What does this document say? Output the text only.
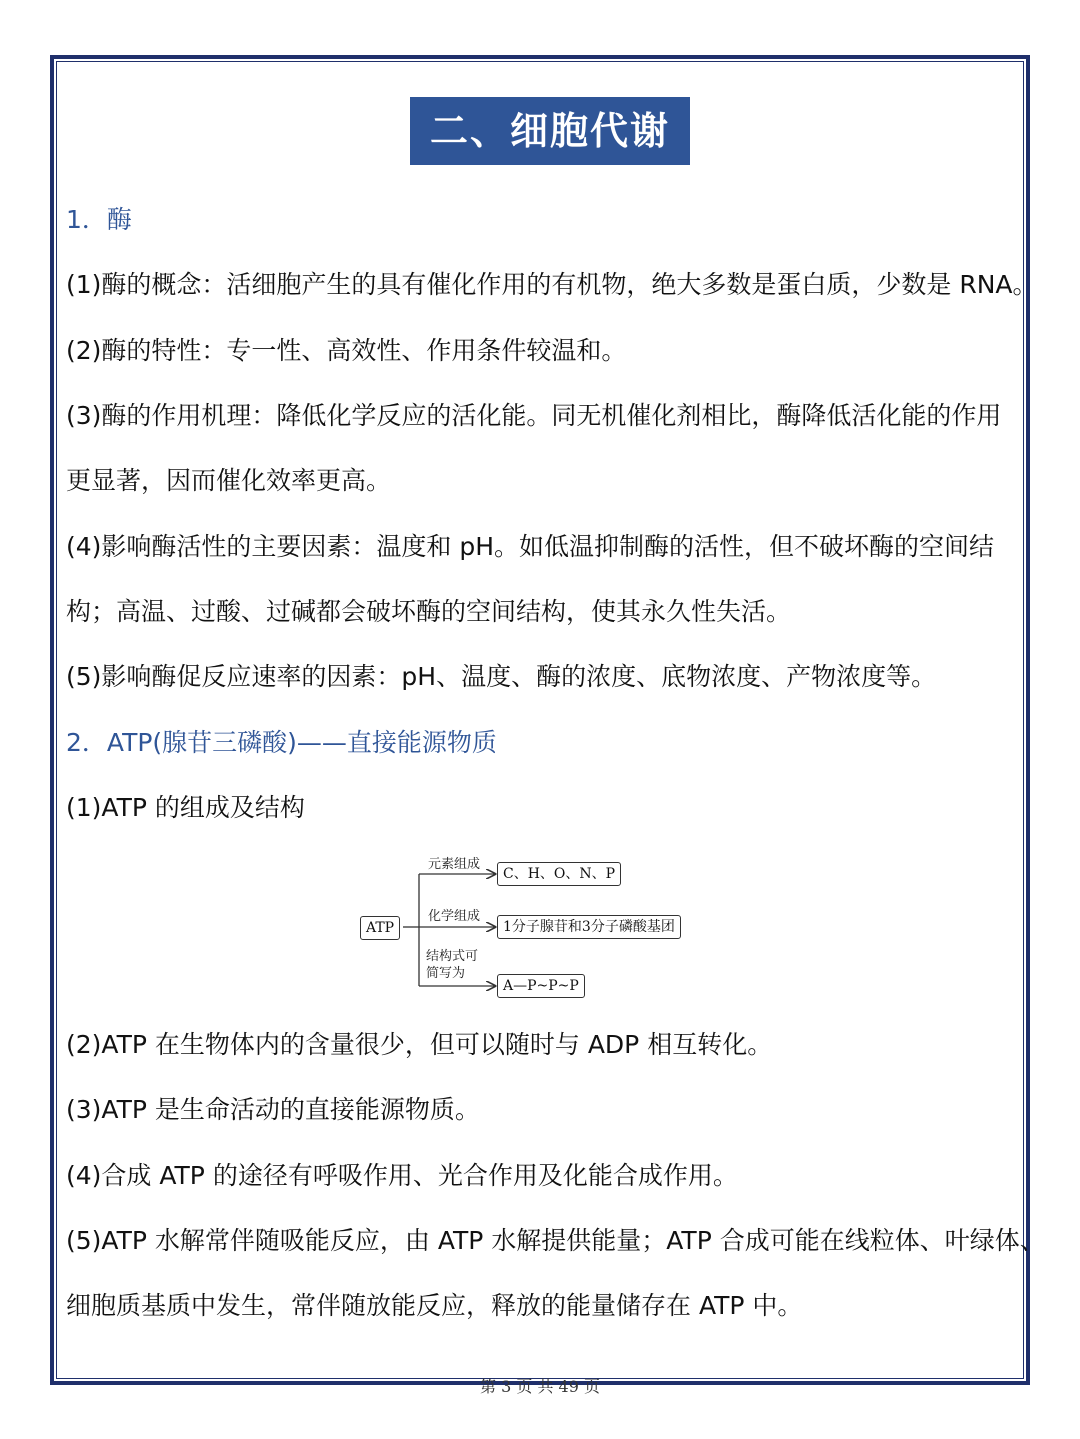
二、细胞代谢
1．酶
(1)酶的概念：活细胞产生的具有催化作用的有机物，绝大多数是蛋白质，少数是 RNA。
(2)酶的特性：专一性、高效性、作用条件较温和。
(3)酶的作用机理：降低化学反应的活化能。同无机催化剂相比，酶降低活化能的作用
更显著，因而催化效率更高。
(4)影响酶活性的主要因素：温度和 pH。如低温抑制酶的活性，但不破坏酶的空间结
构；高温、过酸、过碱都会破坏酶的空间结构，使其永久性失活。
(5)影响酶促反应速率的因素：pH、温度、酶的浓度、底物浓度、产物浓度等。
2．ATP(腺苷三磷酸)——直接能源物质
(1)ATP 的组成及结构
ATP
元素组成
C、H、O、N、P
化学组成
1分子腺苷和3分子磷酸基团
结构式可
简写为
A—P~P~P
(2)ATP 在生物体内的含量很少，但可以随时与 ADP 相互转化。
(3)ATP 是生命活动的直接能源物质。
(4)合成 ATP 的途径有呼吸作用、光合作用及化能合成作用。
(5)ATP 水解常伴随吸能反应，由 ATP 水解提供能量；ATP 合成可能在线粒体、叶绿体、
细胞质基质中发生，常伴随放能反应，释放的能量储存在 ATP 中。
第 3 页 共 49 页
